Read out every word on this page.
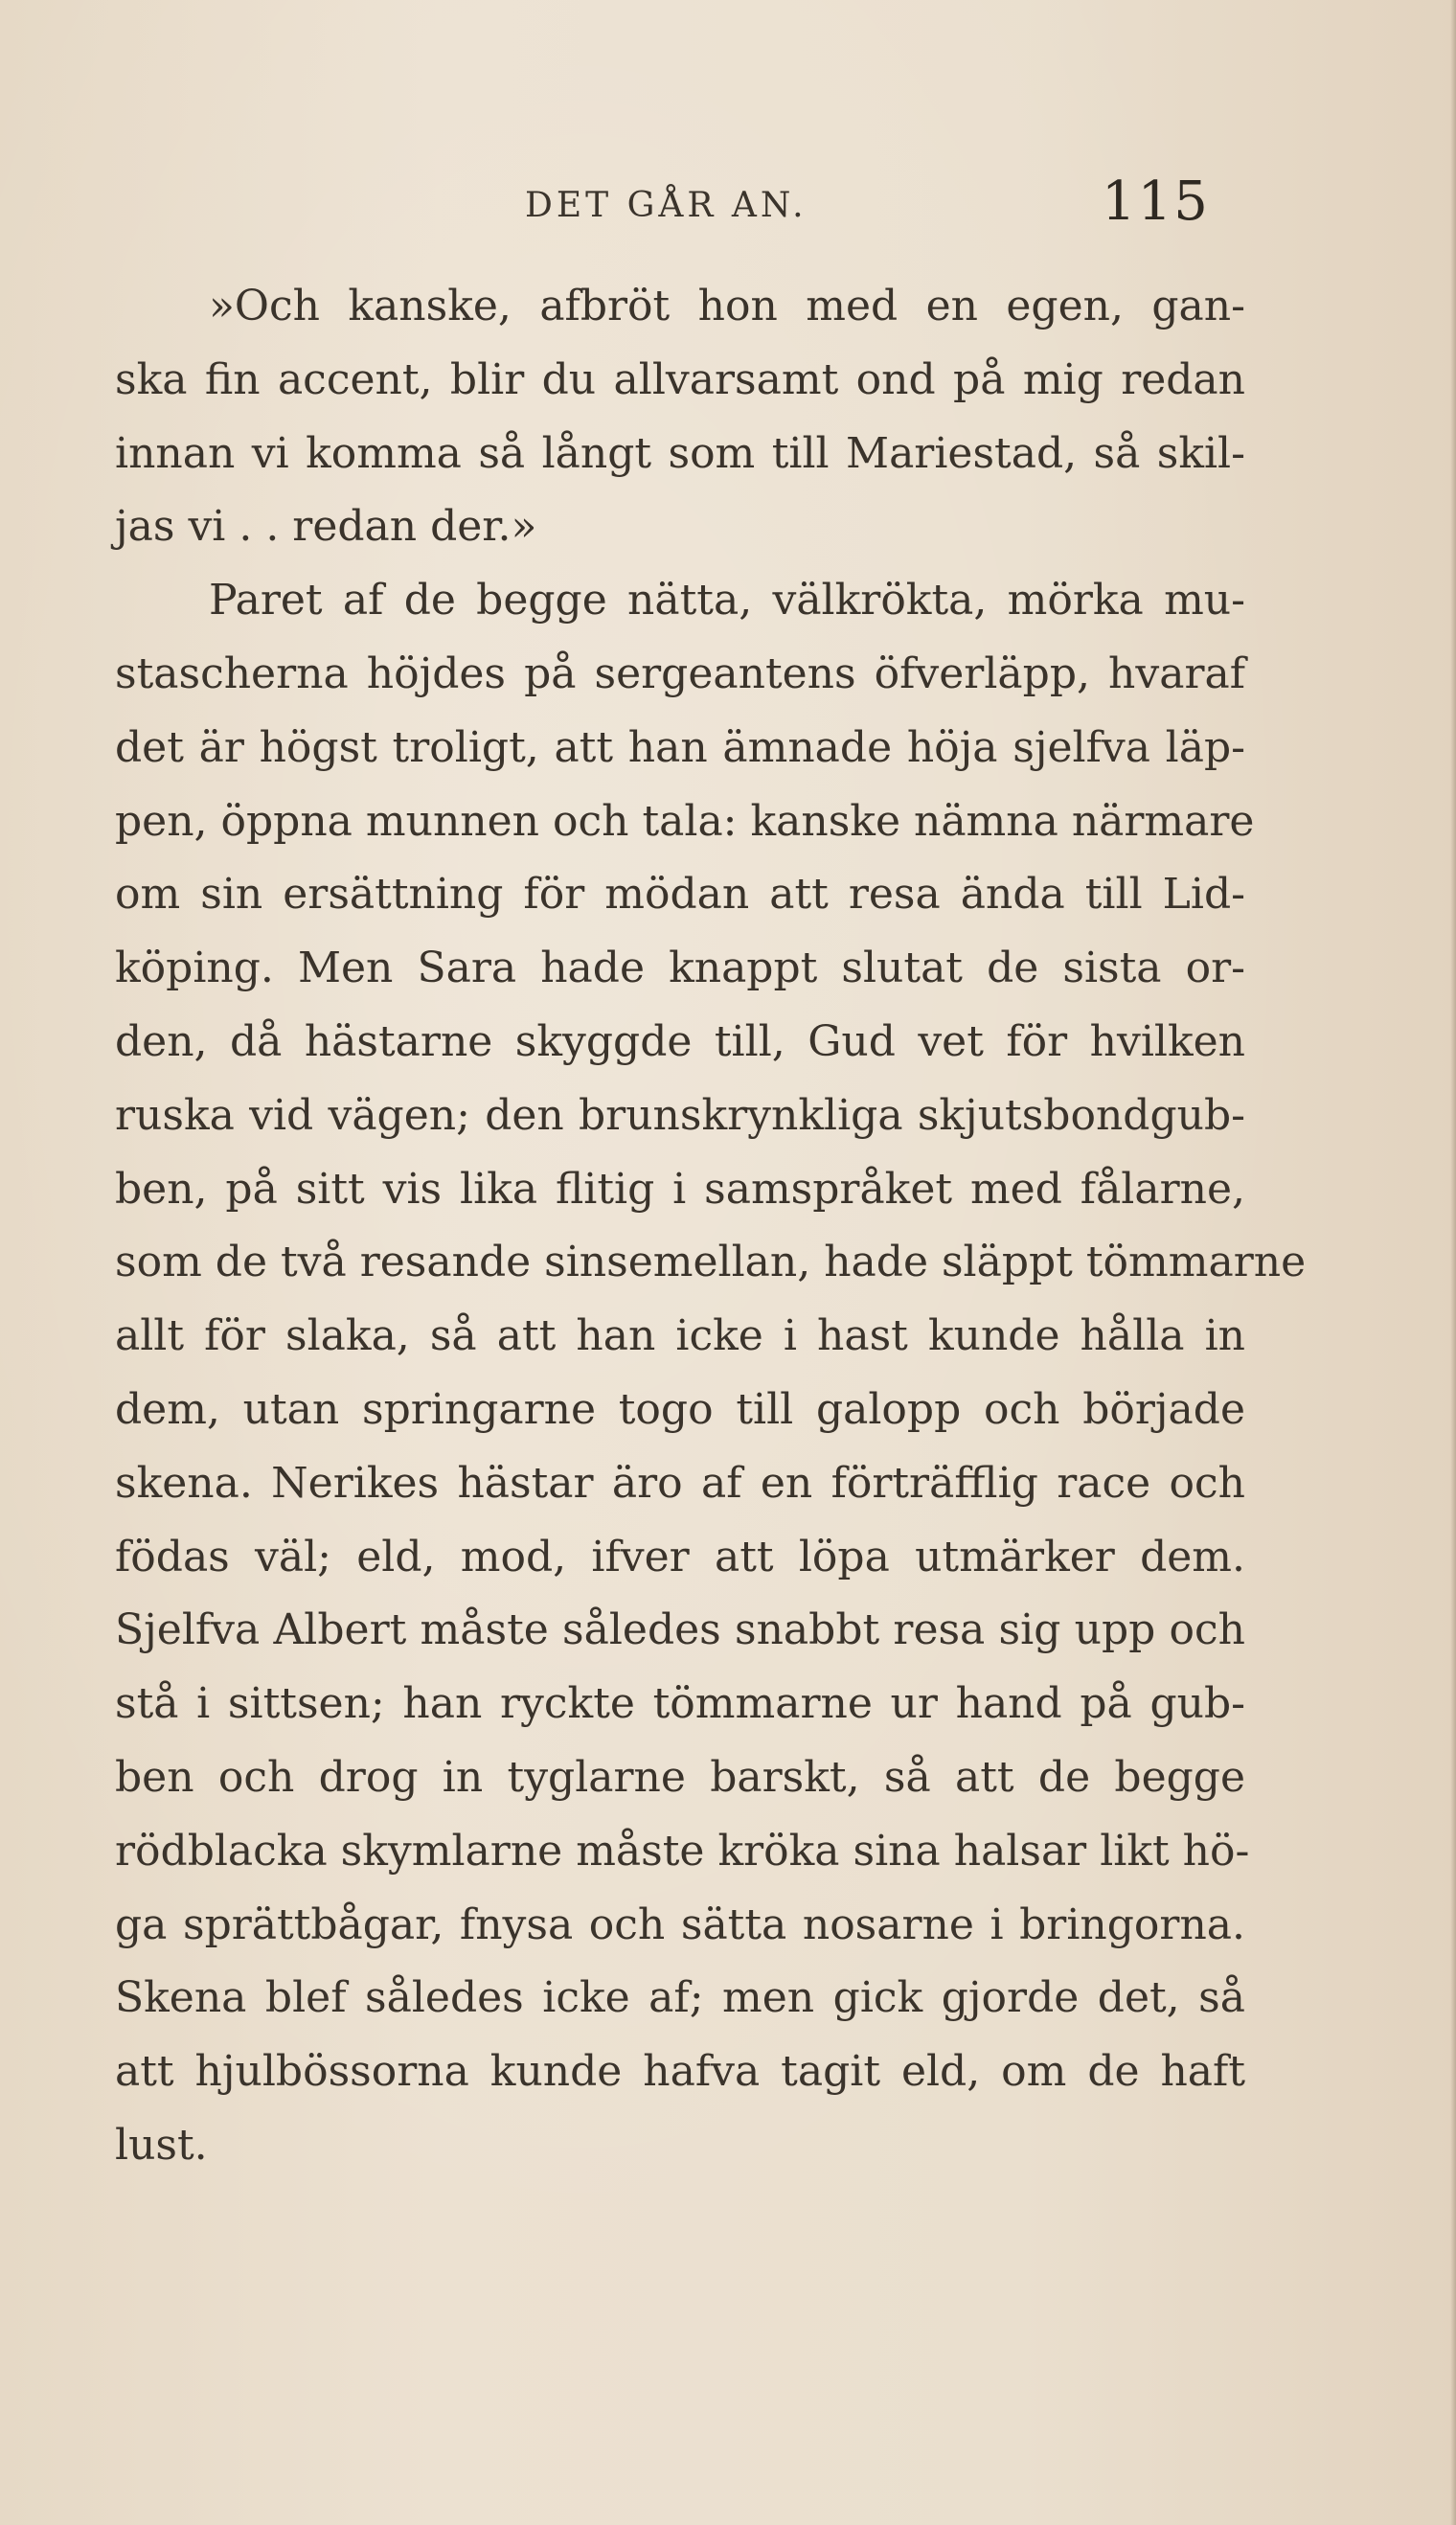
DET GÅR AN.	115
»Och kanske, afbröt hon med en egen, gan-
ska fin accent, blir du allvarsamt ond på mig redan
innan vi komma så långt som till Mariestad, så skil-
jas vi . . redan der.»
Paret af de begge nätta, välkrökta, mörka mu-
stascherna höjdes på sergeantens öfverläpp, hvaraf
det är högst troligt, att han ämnade höja sjelfva läp-
pen, öppna munnen och tala: kanske nämna närmare
om sin ersättning för mödan att resa ända till Lid-
köping. Men Sara hade knappt slutat de sista or-
den, då hästarne skyggde till, Gud vet för hvilken
ruska vid vägen; den brunskrynkliga skjutsbondgub-
ben, på sitt vis lika flitig i samspråket med fålarne,
som de två resande sinsemellan, hade släppt tömmarne
allt för slaka, så att han icke i hast kunde hålla in
dem, utan springarne togo till galopp och började
skena. Nerikes hästar äro af en förträfflig race och
födas väl; eld, mod, ifver att löpa utmärker dem.
Sjelfva Albert måste således snabbt resa sig upp och
stå i sittsen; han ryckte tömmarne ur hand på gub-
ben och drog in tyglarne barskt, så att de begge
rödblacka skymlarne måste kröka sina halsar likt hö-
ga sprättbågar, fnysa och sätta nosarne i bringorna.
Skena blef således icke af; men gick gjorde det, så
att hjulbössorna kunde hafva tagit eld, om de haft
lust.
